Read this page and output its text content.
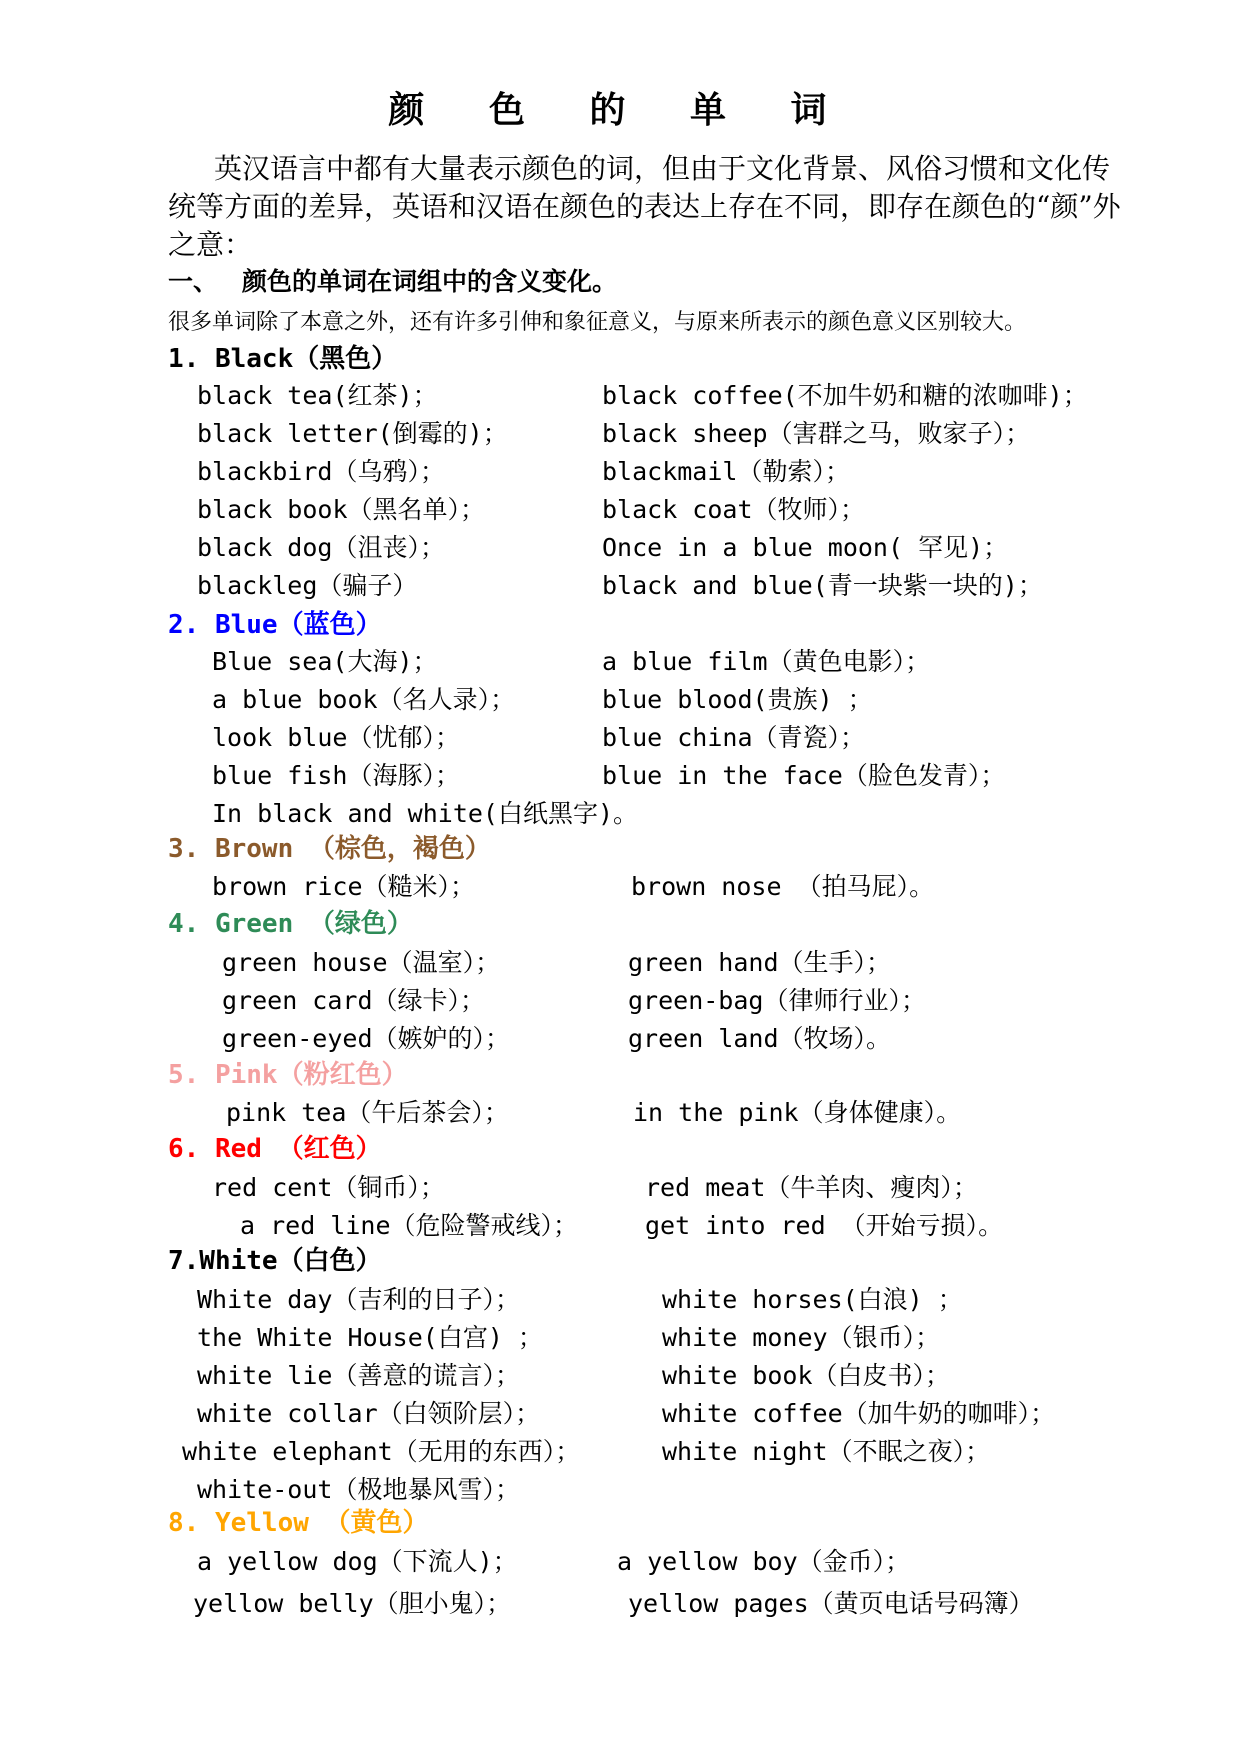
颜 色 的 单 词

英汉语言中都有大量表示颜色的词，但由于文化背景、风俗习惯和文化传统等方面的差异，英语和汉语在颜色的表达上存在不同，即存在颜色的“颜”外之意：

一、 颜色的单词在词组中的含义变化。
很多单词除了本意之外，还有许多引伸和象征意义，与原来所表示的颜色意义区别较大。
1. Black（黑色）
2. Blue（蓝色）
3. Brown （棕色，褐色）
4. Green （绿色）
5. Pink（粉红色）
6. Red （红色）
7.White（白色）
8. Yellow （黄色）
black tea(红茶)；	black coffee(不加牛奶和糖的浓咖啡)；
black letter(倒霉的)；	black sheep（害群之马，败家子）；
blackbird（乌鸦）；	blackmail（勒索）；
black book（黑名单）；	black coat（牧师）；
black dog（沮丧）；	Once in a blue moon( 罕见)；
blackleg（骗子）	black and blue(青一块紫一块的)；
Blue sea(大海)；	a blue film（黄色电影）；
a blue book（名人录）；	blue blood(贵族) ；
look blue（忧郁）；	blue china（青瓷）；
blue fish（海豚）；	blue in the face（脸色发青）；
In black and white(白纸黑字)。
brown rice（糙米）；	brown nose （拍马屁）。
green house（温室）；	green hand（生手）；
green card（绿卡）；	green-bag（律师行业）；
green-eyed（嫉妒的）；	green land（牧场）。
pink tea（午后茶会）；	in the pink（身体健康）。
red cent（铜币）；	red meat（牛羊肉、瘦肉）；
a red line（危险警戒线）；	get into red （开始亏损）。
White day（吉利的日子）；	white horses(白浪) ；
the White House(白宫) ；	white money（银币）；
white lie（善意的谎言）；	white book（白皮书）；
white collar（白领阶层）；	white coffee（加牛奶的咖啡）；
white elephant（无用的东西）；	white night（不眠之夜）；
white-out（极地暴风雪）；
a yellow dog（下流人)；	a yellow boy（金币）；
yellow belly（胆小鬼）；	yellow pages（黄页电话号码簿）
